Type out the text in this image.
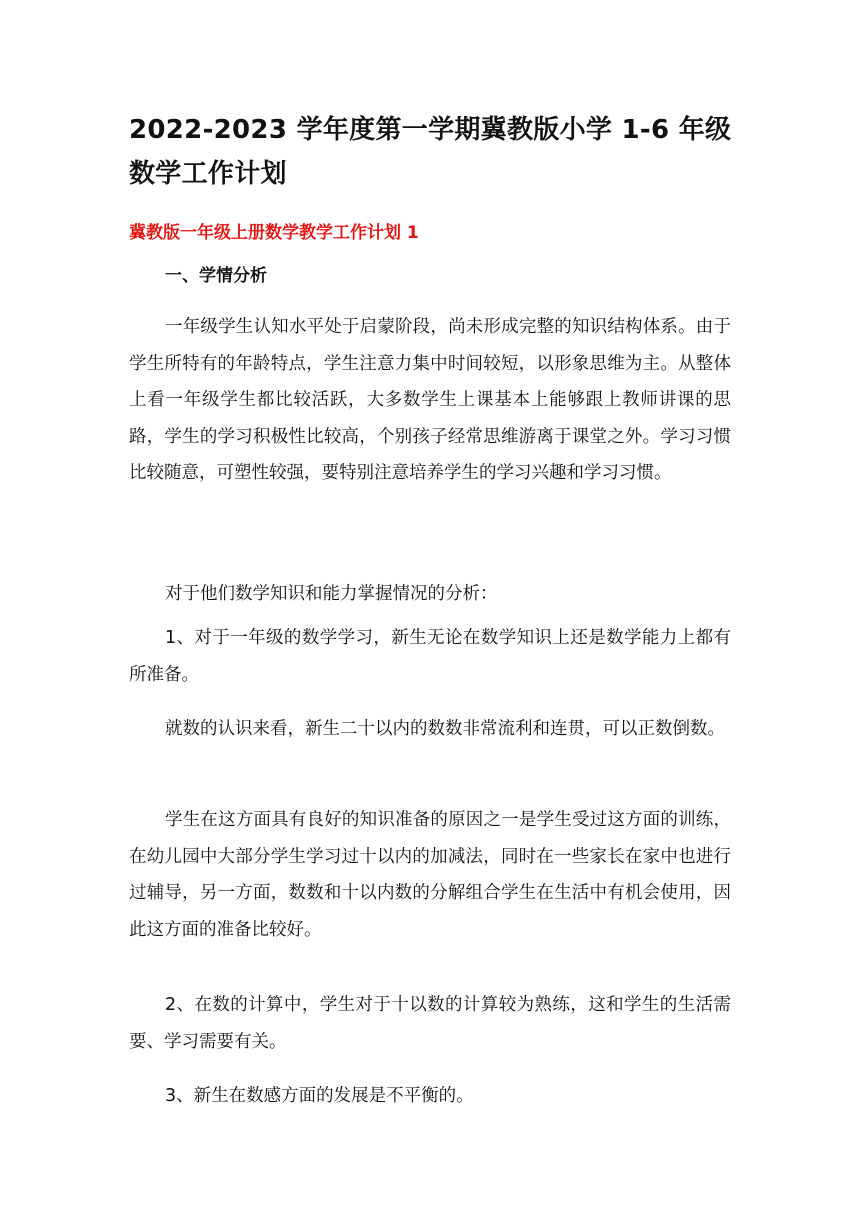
2022-2023 学年度第一学期冀教版小学 1-6 年级数学工作计划
冀教版一年级上册数学教学工作计划 1
一、学情分析

一年级学生认知水平处于启蒙阶段，尚未形成完整的知识结构体系。由于学生所特有的年龄特点，学生注意力集中时间较短，以形象思维为主。从整体上看一年级学生都比较活跃，大多数学生上课基本上能够跟上教师讲课的思路，学生的学习积极性比较高，个别孩子经常思维游离于课堂之外。学习习惯比较随意，可塑性较强，要特别注意培养学生的学习兴趣和学习习惯。

对于他们数学知识和能力掌握情况的分析：

1、对于一年级的数学学习，新生无论在数学知识上还是数学能力上都有所准备。

就数的认识来看，新生二十以内的数数非常流利和连贯，可以正数倒数。

学生在这方面具有良好的知识准备的原因之一是学生受过这方面的训练，在幼儿园中大部分学生学习过十以内的加减法，同时在一些家长在家中也进行过辅导，另一方面，数数和十以内数的分解组合学生在生活中有机会使用，因此这方面的准备比较好。

2、在数的计算中，学生对于十以数的计算较为熟练，这和学生的生活需要、学习需要有关。

3、新生在数感方面的发展是不平衡的。
